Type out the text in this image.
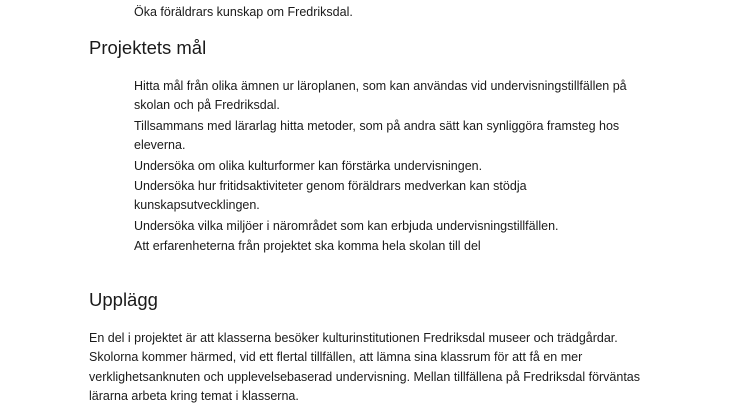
Öka föräldrars kunskap om Fredriksdal.
Projektets mål
Hitta mål från olika ämnen ur läroplanen, som kan användas vid undervisningstillfällen på
skolan och på Fredriksdal.
Tillsammans med lärarlag hitta metoder, som på andra sätt kan synliggöra framsteg hos
eleverna.
Undersöka om olika kulturformer kan förstärka undervisningen.
Undersöka hur fritidsaktiviteter genom föräldrars medverkan kan stödja
kunskapsutvecklingen.
Undersöka vilka miljöer i närområdet som kan erbjuda undervisningstillfällen.
Att erfarenheterna från projektet ska komma hela skolan till del
Upplägg
En del i projektet är att klasserna besöker kulturinstitutionen Fredriksdal museer och trädgårdar.
Skolorna kommer härmed, vid ett flertal tillfällen, att lämna sina klassrum för att få en mer
verklighetsanknuten och upplevelsebaserad undervisning. Mellan tillfällena på Fredriksdal förväntas
lärarna arbeta kring temat i klasserna.
